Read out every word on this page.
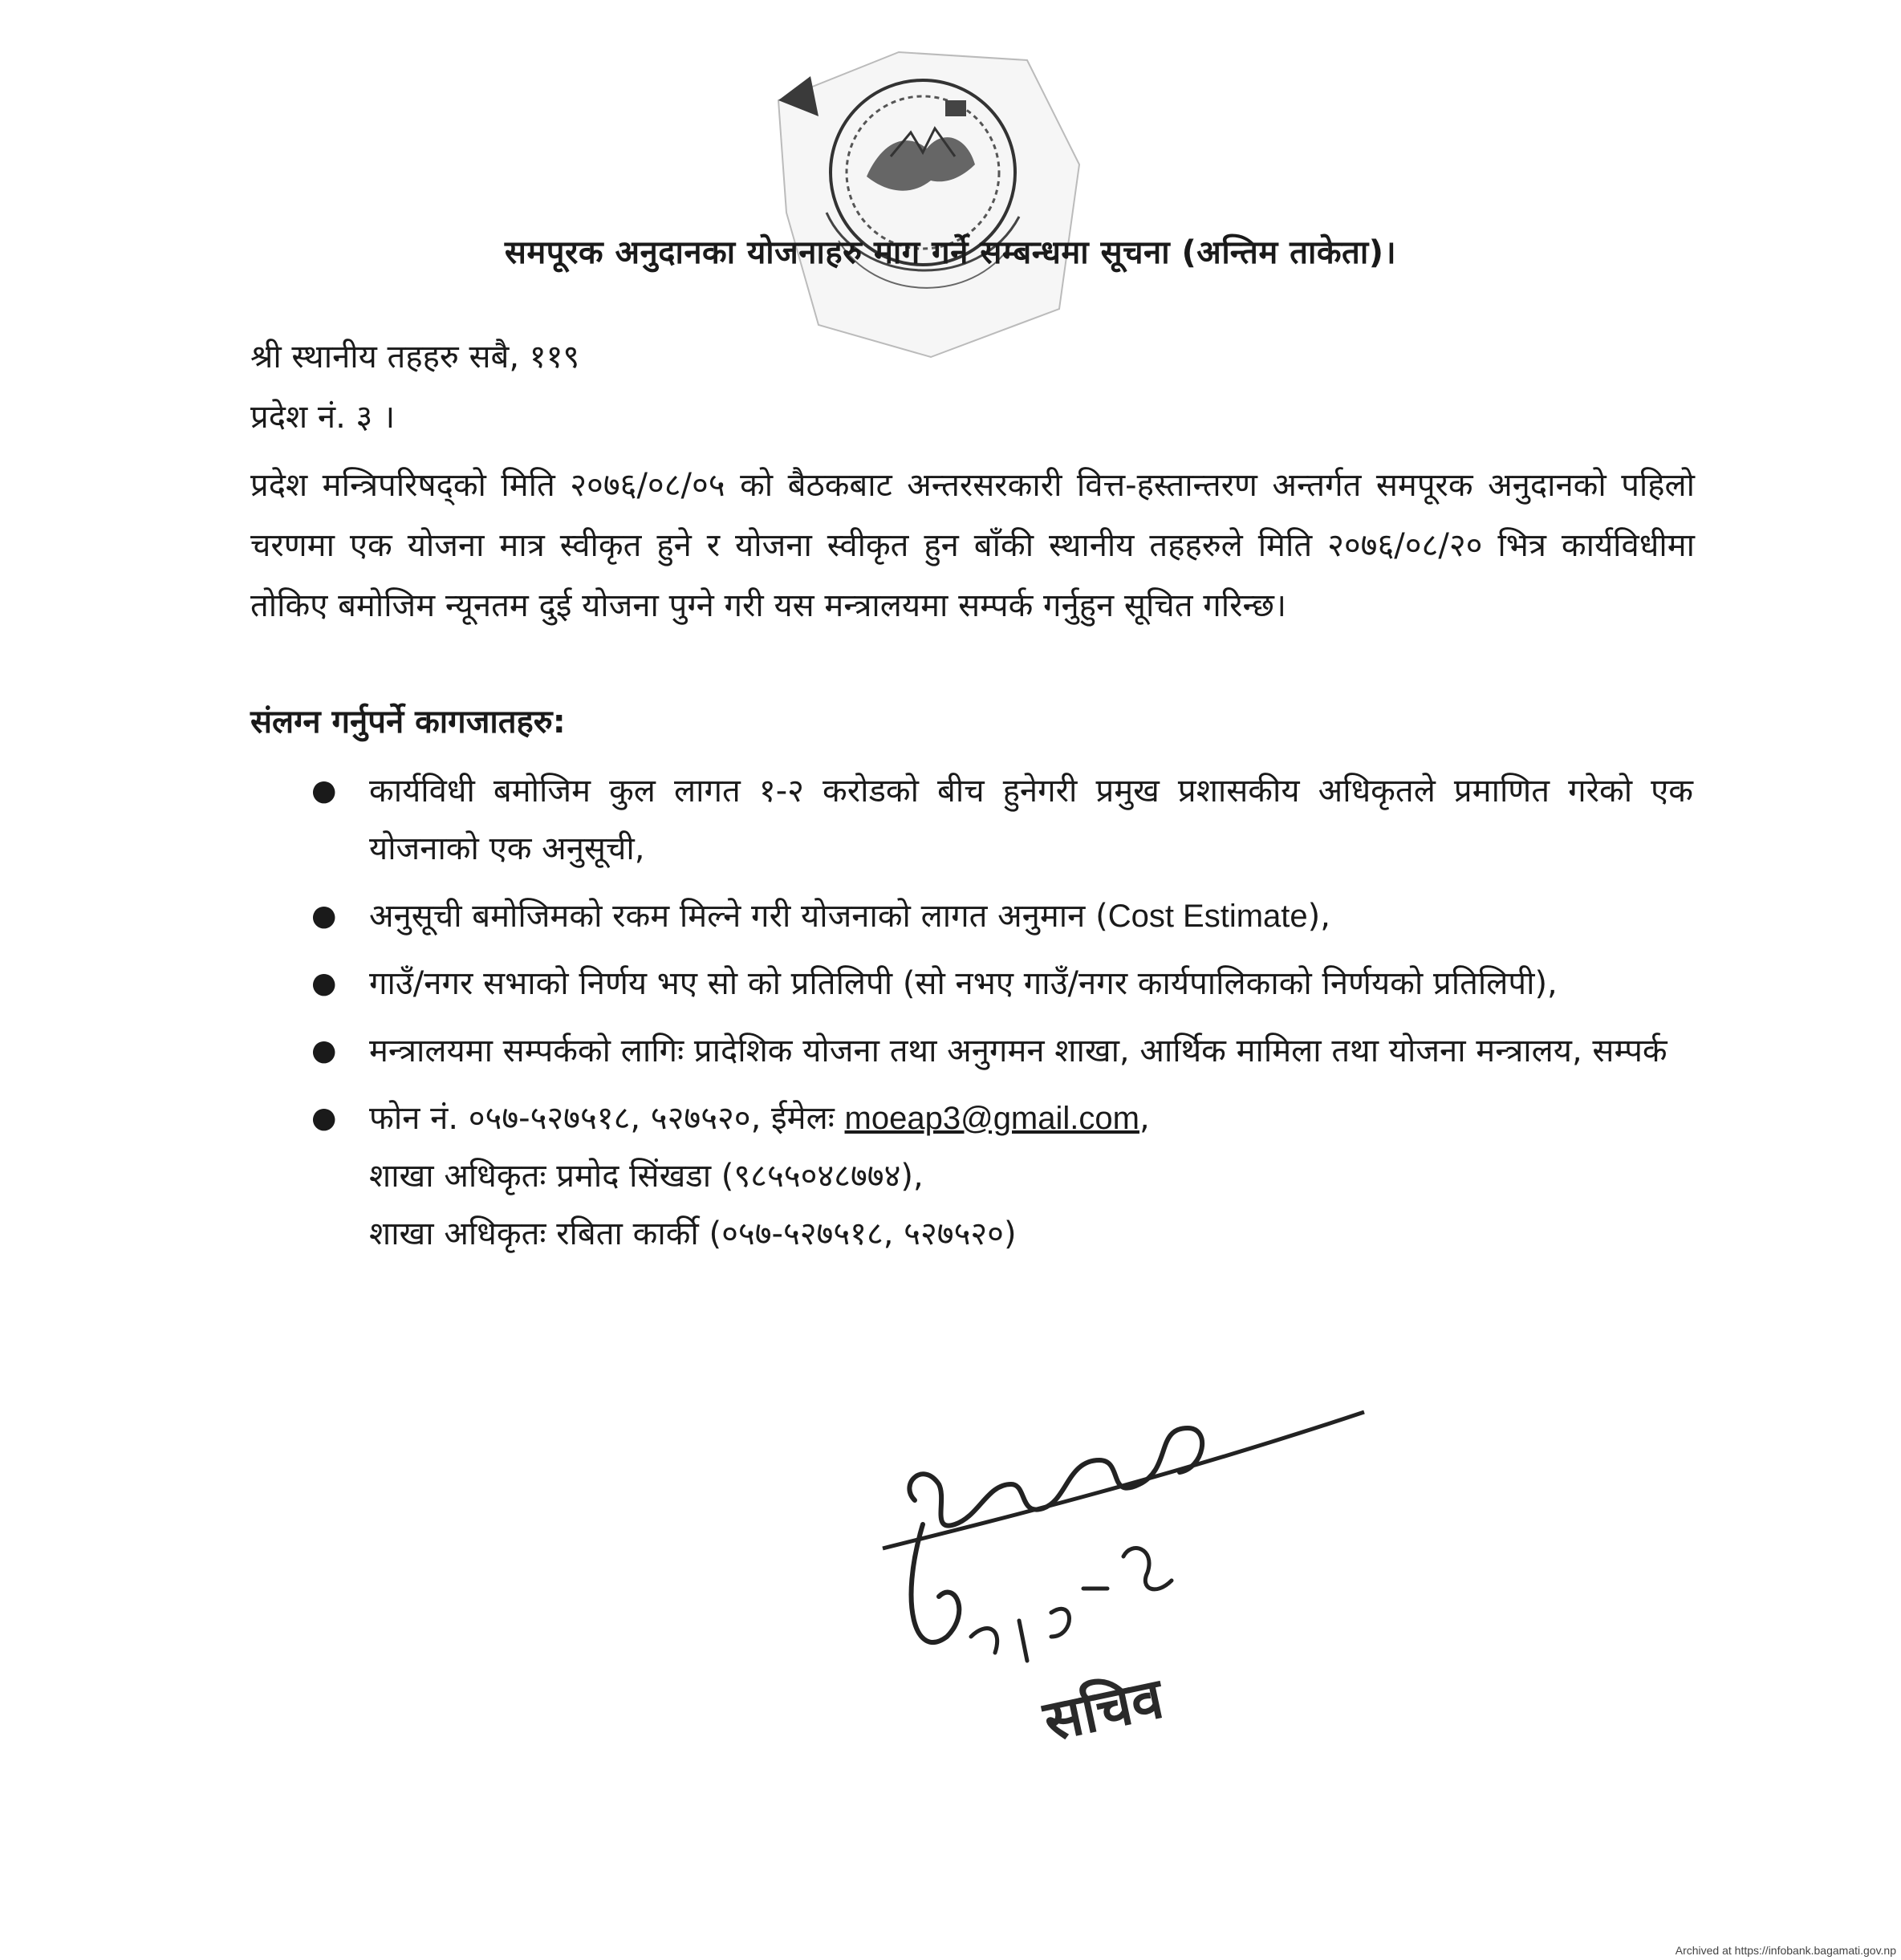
समपूरक अनुदानका योजनाहरु माग गर्ने सम्बन्धमा सूचना (अन्तिम ताकेता)।

श्री स्थानीय तहहरु सबै, ११९

प्रदेश नं. ३ ।

प्रदेश मन्त्रिपरिषद्को मिति २०७६/०८/०५ को बैठकबाट अन्तरसरकारी वित्त-हस्तान्तरण अन्तर्गत समपूरक अनुदानको पहिलो चरणमा एक योजना मात्र स्वीकृत हुने र योजना स्वीकृत हुन बाँकी स्थानीय तहहरुले मिति २०७६/०८/२० भित्र कार्यविधीमा तोकिए बमोजिम न्यूनतम दुई योजना पुग्ने गरी यस मन्त्रालयमा सम्पर्क गर्नुहुन सूचित गरिन्छ।

संलग्न गर्नुपर्ने कागजातहरु:

● कार्यविधी बमोजिम कुल लागत १-२ करोडको बीच हुनेगरी प्रमुख प्रशासकीय अधिकृतले प्रमाणित गरेको एक योजनाको एक अनुसूची,
● अनुसूची बमोजिमको रकम मिल्ने गरी योजनाको लागत अनुमान (Cost Estimate),
● गाउँ/नगर सभाको निर्णय भए सो को प्रतिलिपी (सो नभए गाउँ/नगर कार्यपालिकाको निर्णयको प्रतिलिपी),
● मन्त्रालयमा सम्पर्कको लागिः प्रादेशिक योजना तथा अनुगमन शाखा, आर्थिक मामिला तथा योजना मन्त्रालय, सम्पर्क
● फोन नं. ०५७-५२७५१८, ५२७५२०, ईमेलः moeap3@gmail.com,
शाखा अधिकृतः प्रमोद सिंखडा (९८५५०४८७७४),
शाखा अधिकृतः रबिता कार्की (०५७-५२७५१८, ५२७५२०)

सचिव

Archived at https://infobank.bagamati.gov.np
